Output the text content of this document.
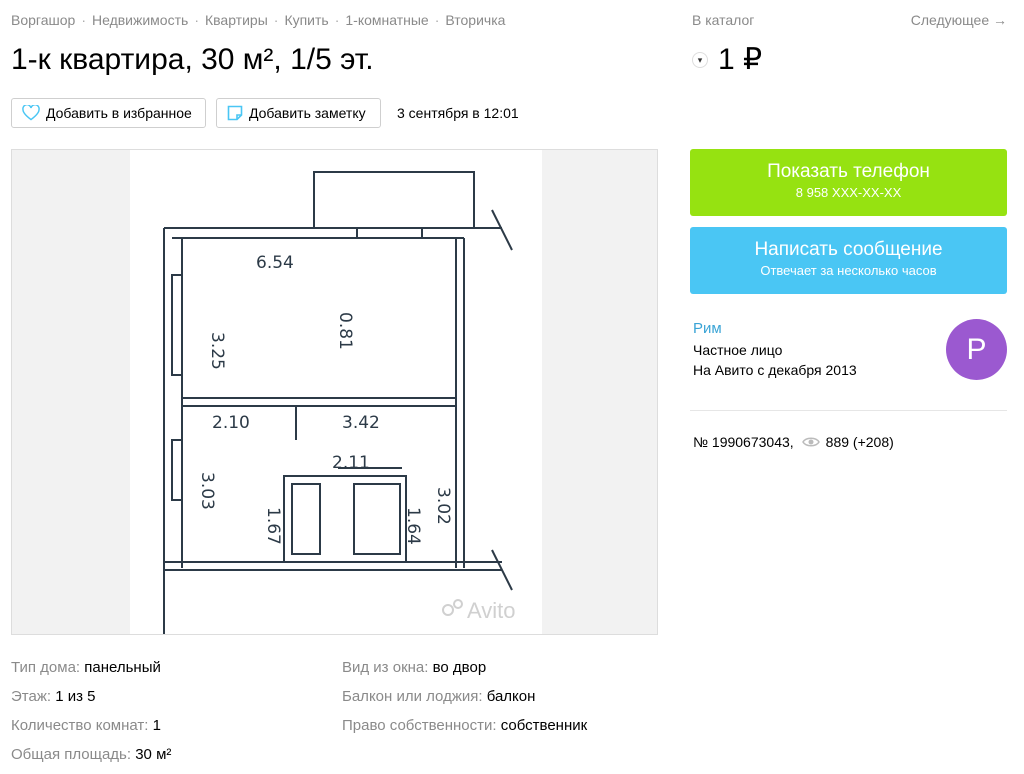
Воргашор · Недвижимость · Квартиры · Купить · 1-комнатные · Вторичка	В каталог	Следующее →
1-к квартира, 30 м², 1/5 эт.	▾ 1 ₽
Добавить в избранное	Добавить заметку 3 сентября в 12:01
6.54
3.25
0.81
2.10	3.42
3.03
2.11
1.67	1.64
3.02
Avito
Показать телефон
8 958 XXX-XX-XX
Написать сообщение
Отвечает за несколько часов
Рим
Частное лицо
На Авито с декабря 2013
Р
№ 1990673043, 889 (+208)
Тип дома: панельный
Этаж: 1 из 5
Количество комнат: 1
Общая площадь: 30 м²
Вид из окна: во двор
Балкон или лоджия: балкон
Право собственности: собственник
